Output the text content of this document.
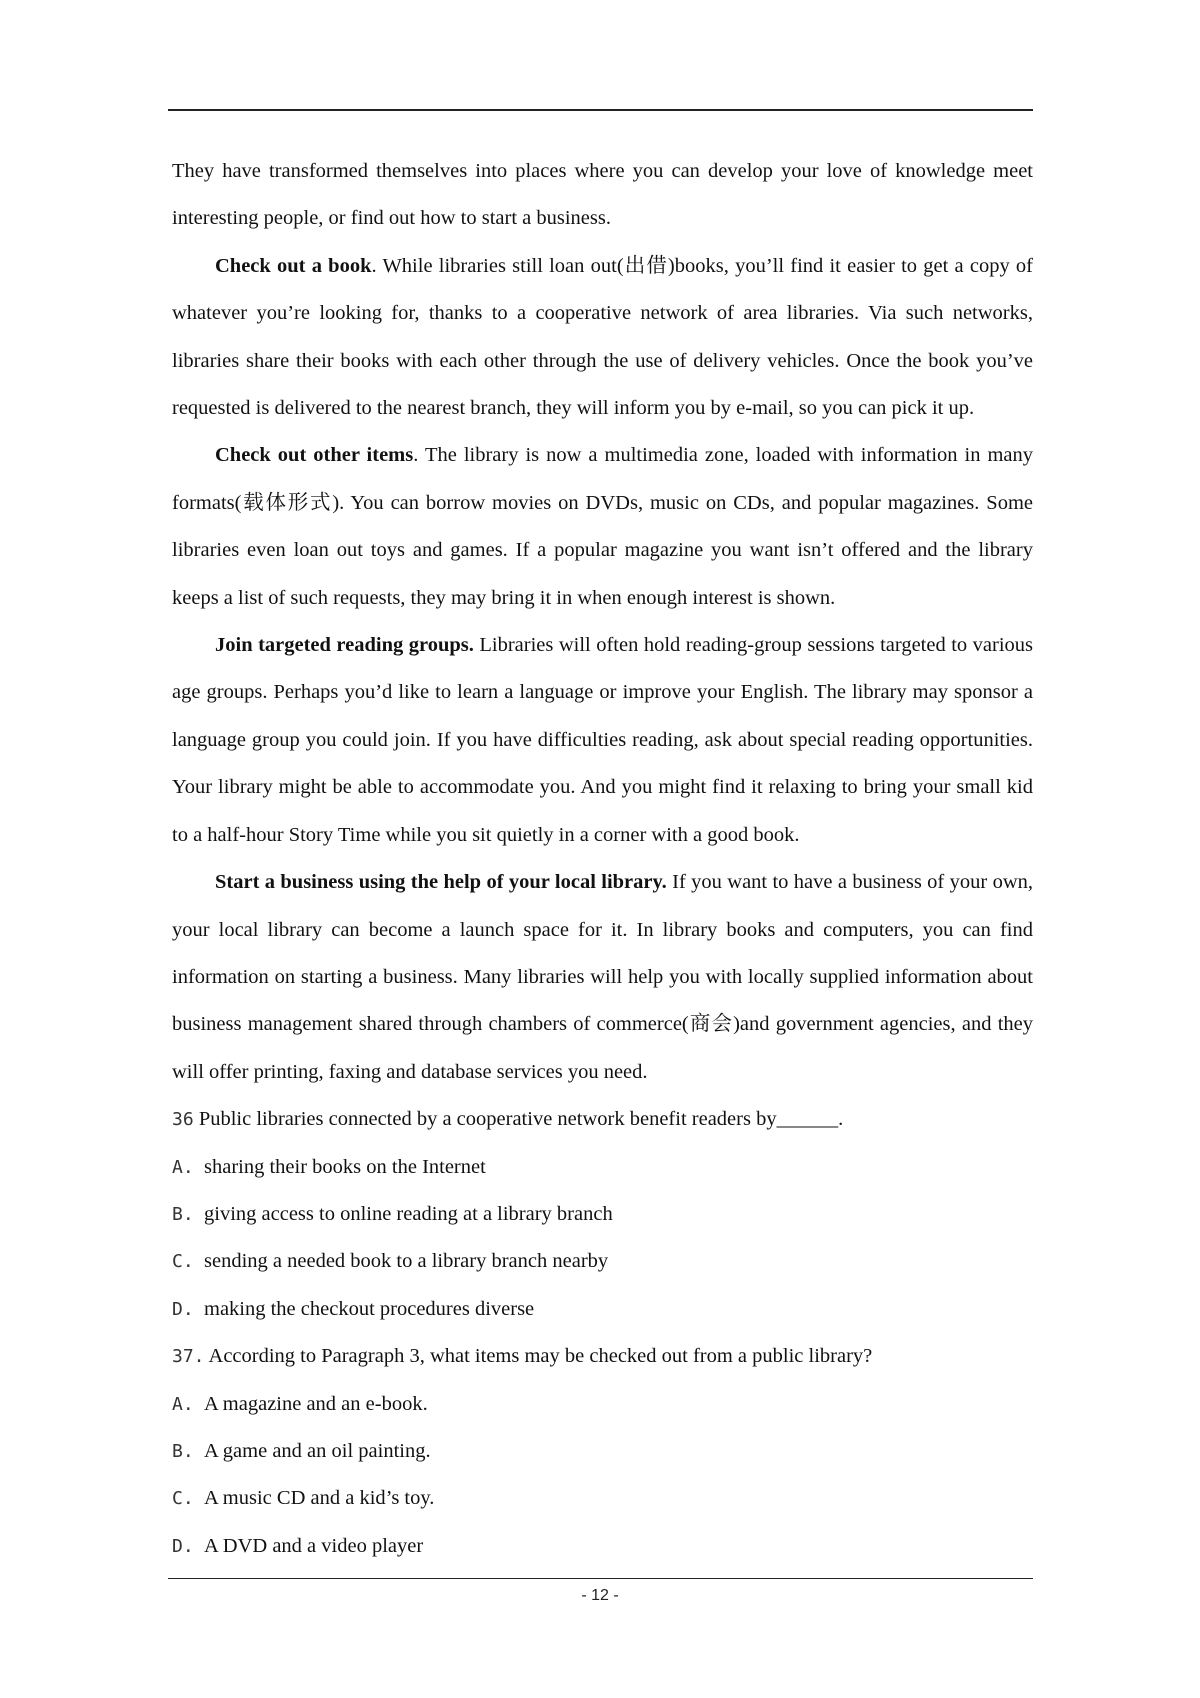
They have transformed themselves into places where you can develop your love of knowledge meet interesting people, or find out how to start a business.

Check out a book. While libraries still loan out(出借)books, you’ll find it easier to get a copy of whatever you’re looking for, thanks to a cooperative network of area libraries. Via such networks, libraries share their books with each other through the use of delivery vehicles. Once the book you’ve requested is delivered to the nearest branch, they will inform you by e-mail, so you can pick it up.

Check out other items. The library is now a multimedia zone, loaded with information in many formats(载体形式). You can borrow movies on DVDs, music on CDs, and popular magazines. Some libraries even loan out toys and games. If a popular magazine you want isn’t offered and the library keeps a list of such requests, they may bring it in when enough interest is shown.

Join targeted reading groups. Libraries will often hold reading-group sessions targeted to various age groups. Perhaps you’d like to learn a language or improve your English. The library may sponsor a language group you could join. If you have difficulties reading, ask about special reading opportunities. Your library might be able to accommodate you. And you might find it relaxing to bring your small kid to a half-hour Story Time while you sit quietly in a corner with a good book.

Start a business using the help of your local library. If you want to have a business of your own, your local library can become a launch space for it. In library books and computers, you can find information on starting a business. Many libraries will help you with locally supplied information about business management shared through chambers of commerce(商会)and government agencies, and they will offer printing, faxing and database services you need.

36 Public libraries connected by a cooperative network benefit readers by______.

A. sharing their books on the Internet

B. giving access to online reading at a library branch

C. sending a needed book to a library branch nearby

D. making the checkout procedures diverse

37. According to Paragraph 3, what items may be checked out from a public library?

A. A magazine and an e-book.

B. A game and an oil painting.

C. A music CD and a kid’s toy.

D. A DVD and a video player

- 12 -
